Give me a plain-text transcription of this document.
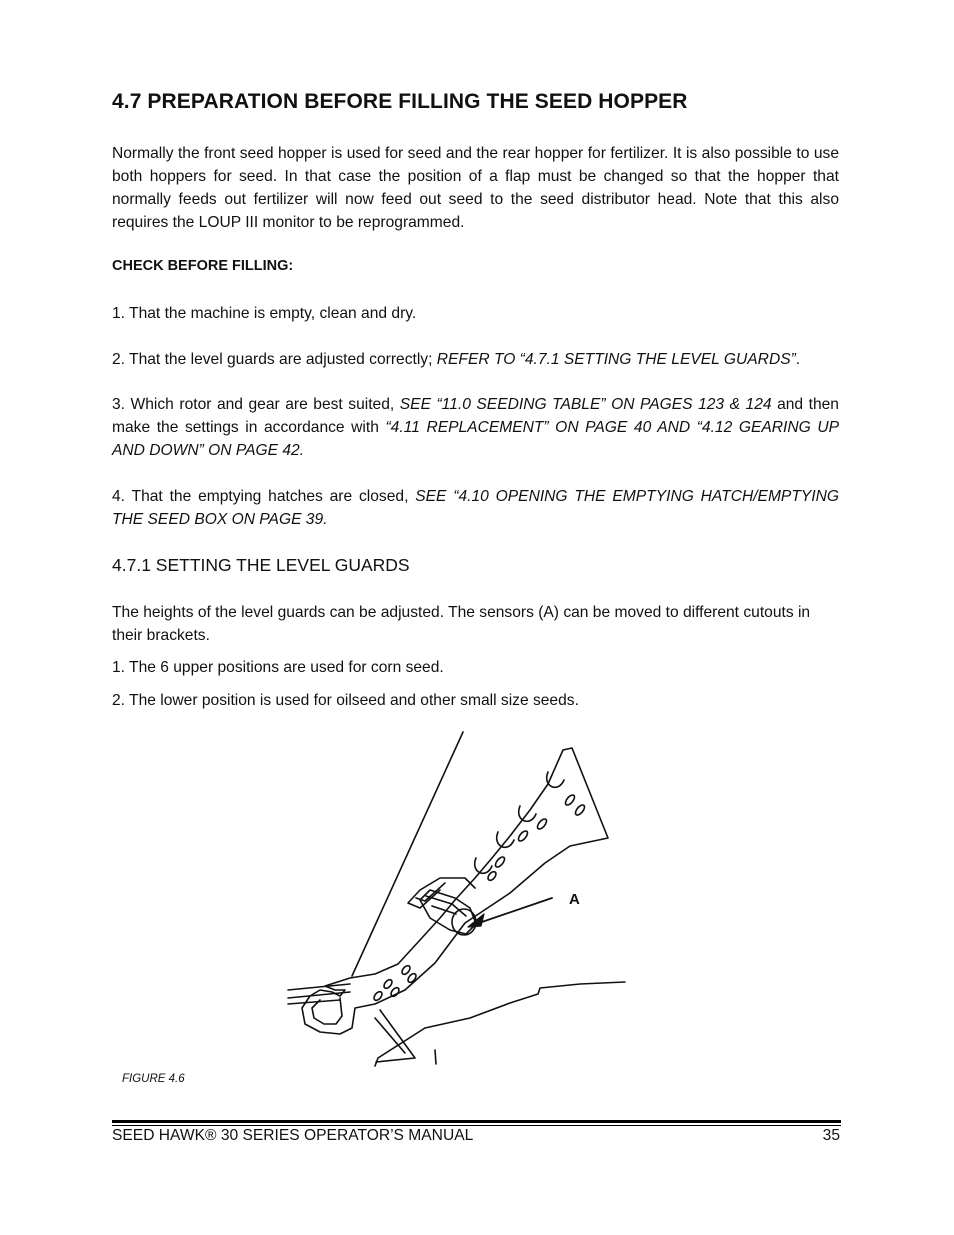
4.7 PREPARATION BEFORE FILLING THE SEED HOPPER
Normally the front seed hopper is used for seed and the rear hopper for fertilizer. It is also possible to use both hoppers for seed. In that case the position of a flap must be changed so that the hopper that normally feeds out fertilizer will now feed out seed to the seed distributor head. Note that this also requires the LOUP III monitor to be reprogrammed.
CHECK BEFORE FILLING:
1. That the machine is empty, clean and dry.
2. That the level guards are adjusted correctly; REFER TO “4.7.1 SETTING THE LEVEL GUARDS”.
3. Which rotor and gear are best suited, SEE “11.0 SEEDING TABLE” ON PAGES 123 & 124 and then make the settings in accordance with “4.11 REPLACEMENT” ON PAGE 40 AND “4.12 GEARING UP AND DOWN” ON PAGE 42.
4. That the emptying hatches are closed, SEE “4.10 OPENING THE EMPTYING HATCH/EMPTYING THE SEED BOX ON PAGE 39.
4.7.1 SETTING THE LEVEL GUARDS
The heights of the level guards can be adjusted. The sensors (A) can be moved to different cutouts in their brackets.
1. The 6 upper positions are used for corn seed.
2. The lower position is used for oilseed and other small size seeds.
A
FIGURE 4.6
SEED HAWK® 30 SERIES OPERATOR’S MANUAL	35
